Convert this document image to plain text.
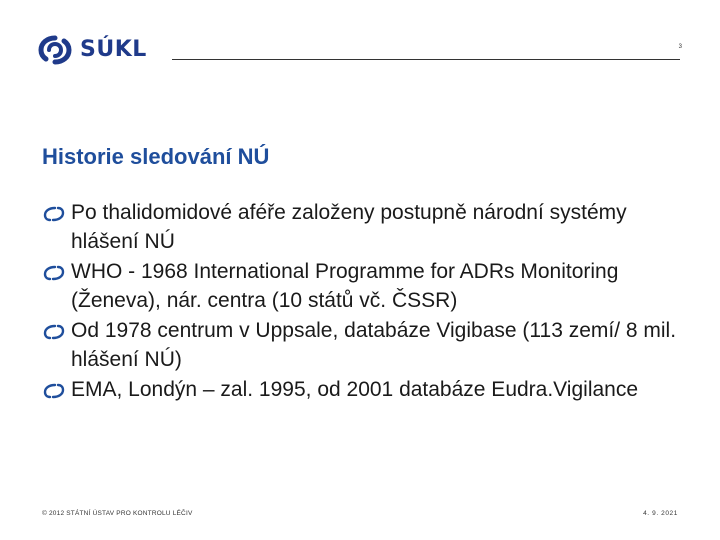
SÚKL	3
Historie sledování NÚ
Po thalidomidové aféře založeny postupně národní systémy hlášení NÚ
WHO - 1968 International Programme for ADRs Monitoring (Ženeva), nár. centra (10 států vč. ČSSR)
Od 1978 centrum v Uppsale, databáze Vigibase (113 zemí/ 8 mil. hlášení NÚ)
EMA, Londýn – zal. 1995, od 2001 databáze Eudra.Vigilance
© 2012 STÁTNÍ ÚSTAV PRO KONTROLU LÉČIV	4. 9. 2021
